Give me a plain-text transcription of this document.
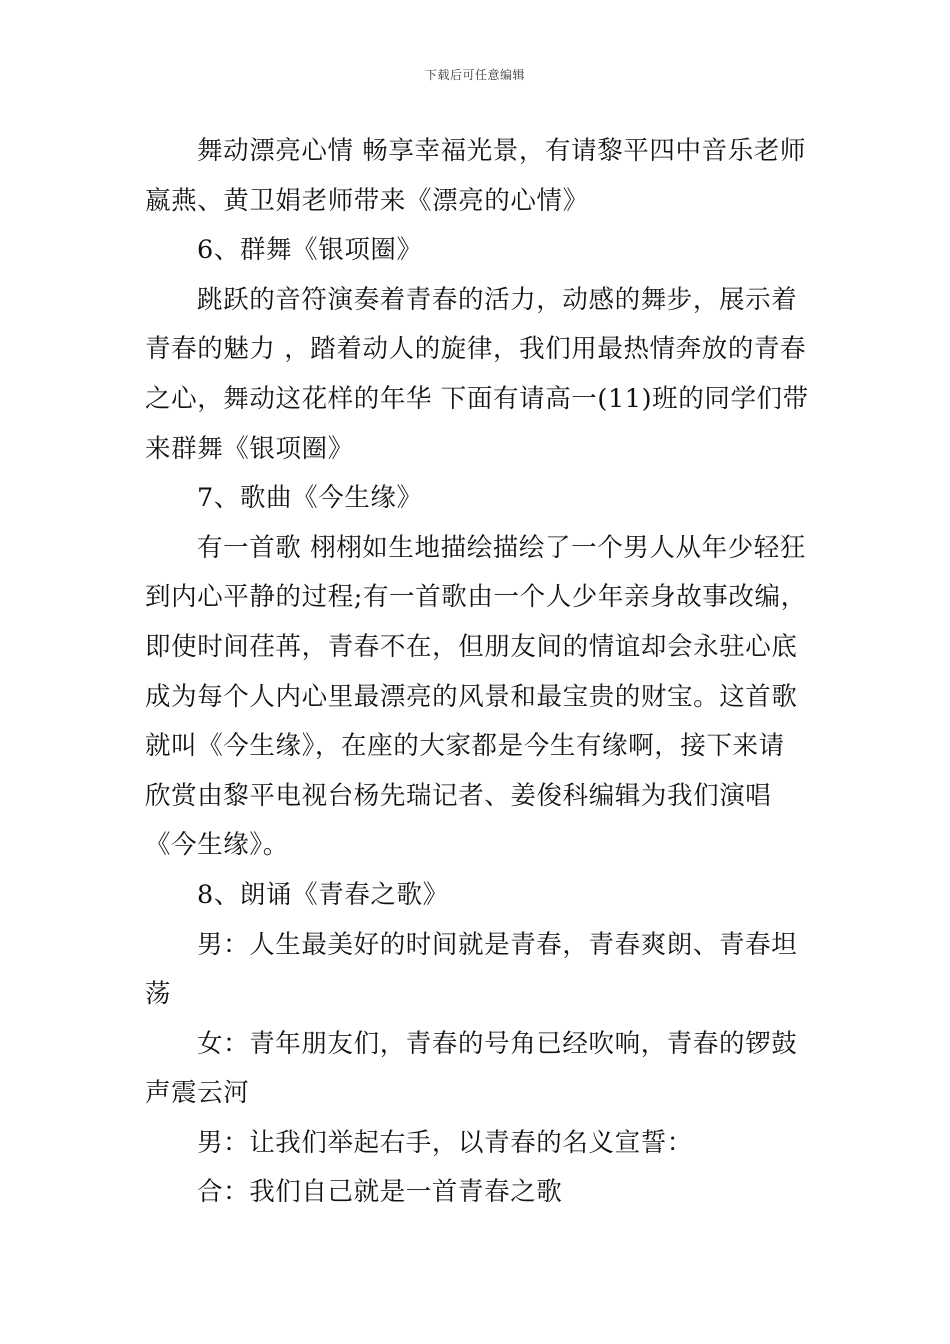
下载后可任意编辑
舞动漂亮心情 畅享幸福光景，有请黎平四中音乐老师
嬴燕、黄卫娟老师带来《漂亮的心情》
6、群舞《银项圈》
跳跃的音符演奏着青春的活力，动感的舞步，展示着
青春的魅力 ，踏着动人的旋律，我们用最热情奔放的青春
之心，舞动这花样的年华 下面有请高一(11)班的同学们带
来群舞《银项圈》
7、歌曲《今生缘》
有一首歌 栩栩如生地描绘描绘了一个男人从年少轻狂
到内心平静的过程;有一首歌由一个人少年亲身故事改编，
即使时间荏苒，青春不在，但朋友间的情谊却会永驻心底
成为每个人内心里最漂亮的风景和最宝贵的财宝。这首歌
就叫《今生缘》，在座的大家都是今生有缘啊，接下来请
欣赏由黎平电视台杨先瑞记者、姜俊科编辑为我们演唱
《今生缘》。
8、朗诵《青春之歌》
男：人生最美好的时间就是青春，青春爽朗、青春坦
荡
女：青年朋友们，青春的号角已经吹响，青春的锣鼓
声震云河
男：让我们举起右手，以青春的名义宣誓：
合：我们自己就是一首青春之歌
